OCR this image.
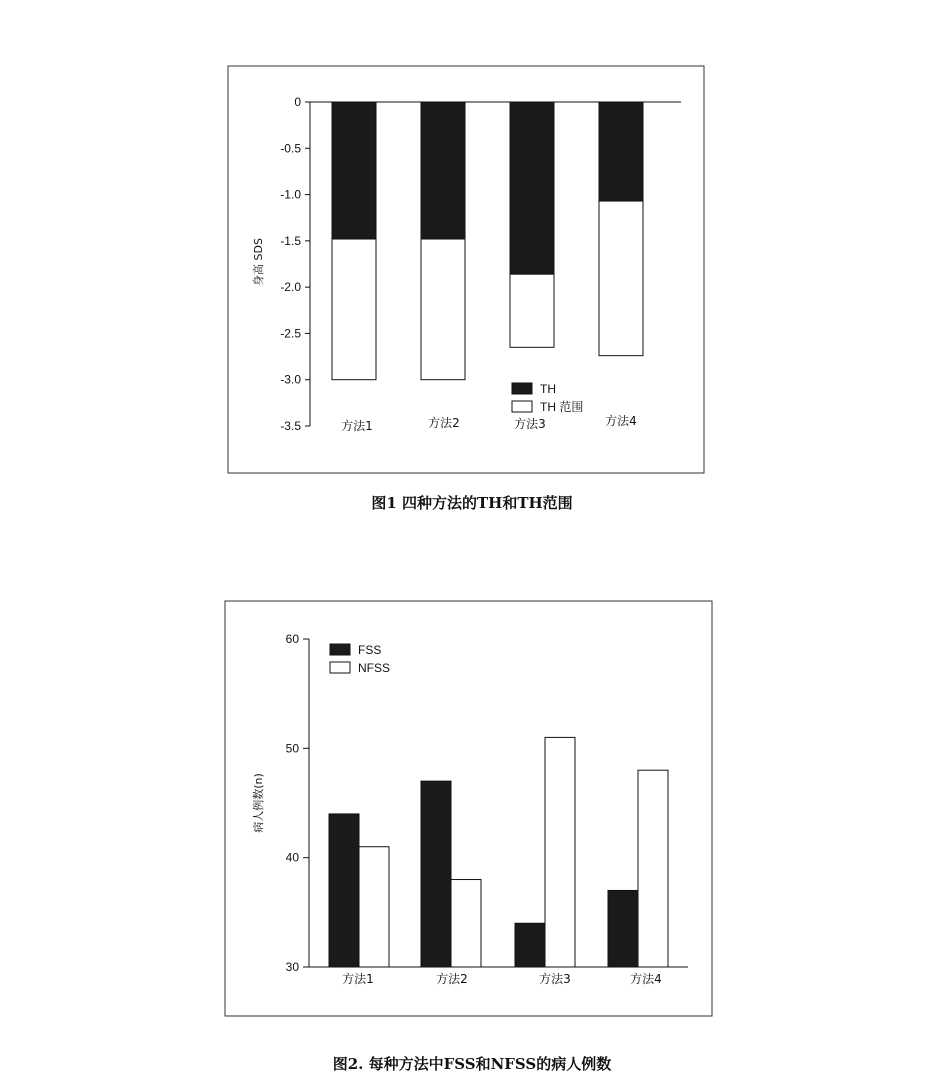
身高 SDS
0
-0.5
-1.0
-1.5
-2.0
-2.5
-3.0
-3.5	方法1	方法2	方法3	方法4
TH
TH 范围
病人例数(n)
60
50
40
30
方法1	方法2	方法3	方法4
FSS
NFSS
图1 四种方法的TH和TH范围
图2. 每种方法中FSS和NFSS的病人例数
